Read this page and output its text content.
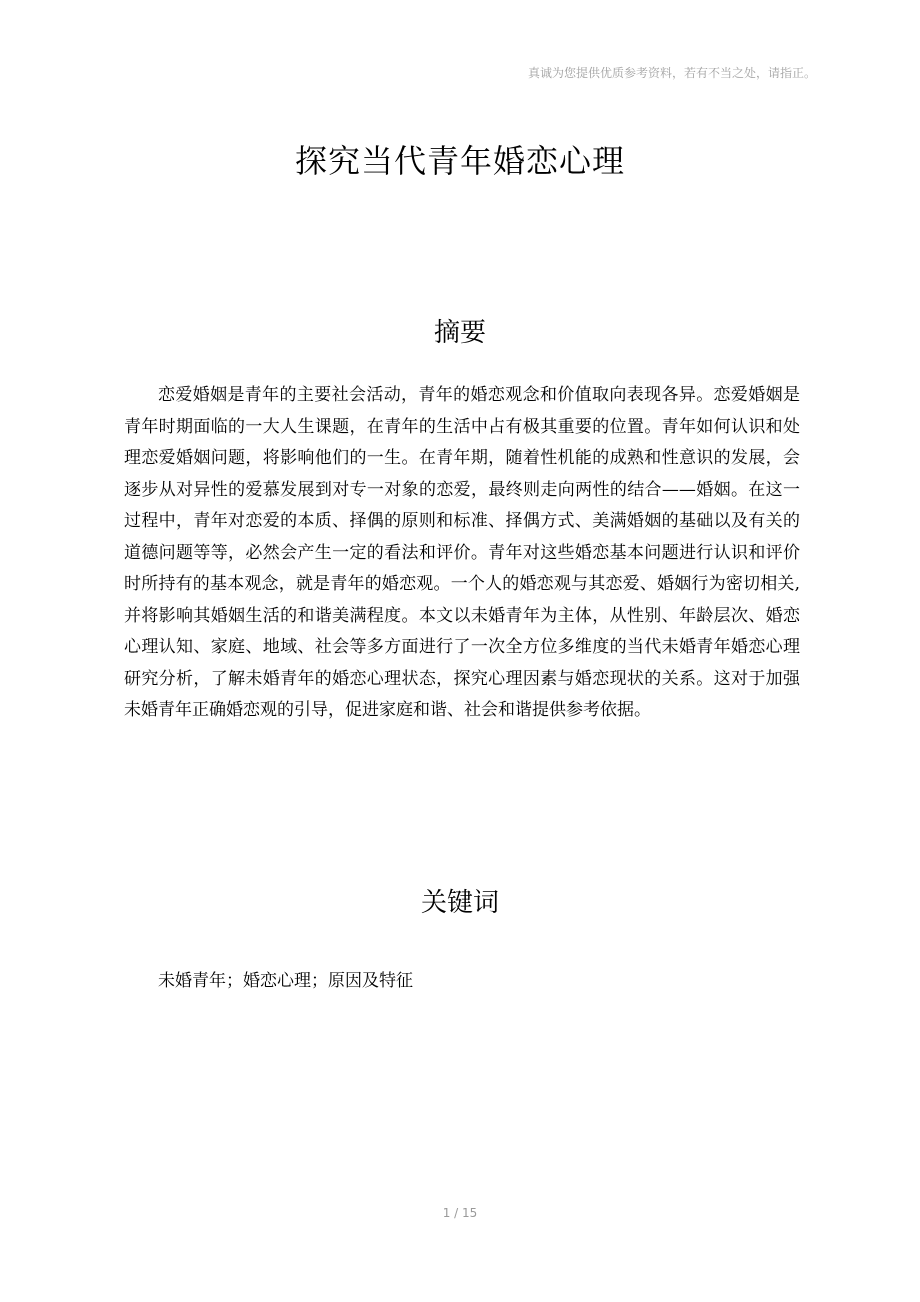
真诚为您提供优质参考资料，若有不当之处，请指正。
探究当代青年婚恋心理
摘要

恋爱婚姻是青年的主要社会活动，青年的婚恋观念和价值取向表现各异。恋爱婚姻是青年时期面临的一大人生课题，在青年的生活中占有极其重要的位置。青年如何认识和处理恋爱婚姻问题，将影响他们的一生。在青年期，随着性机能的成熟和性意识的发展，会逐步从对异性的爱慕发展到对专一对象的恋爱，最终则走向两性的结合——婚姻。在这一过程中，青年对恋爱的本质、择偶的原则和标准、择偶方式、美满婚姻的基础以及有关的道德问题等等，必然会产生一定的看法和评价。青年对这些婚恋基本问题进行认识和评价时所持有的基本观念，就是青年的婚恋观。一个人的婚恋观与其恋爱、婚姻行为密切相关,并将影响其婚姻生活的和谐美满程度。本文以未婚青年为主体，从性别、年龄层次、婚恋心理认知、家庭、地域、社会等多方面进行了一次全方位多维度的当代未婚青年婚恋心理研究分析，了解未婚青年的婚恋心理状态，探究心理因素与婚恋现状的关系。这对于加强未婚青年正确婚恋观的引导，促进家庭和谐、社会和谐提供参考依据。

关键词

未婚青年；婚恋心理；原因及特征

1 / 15
